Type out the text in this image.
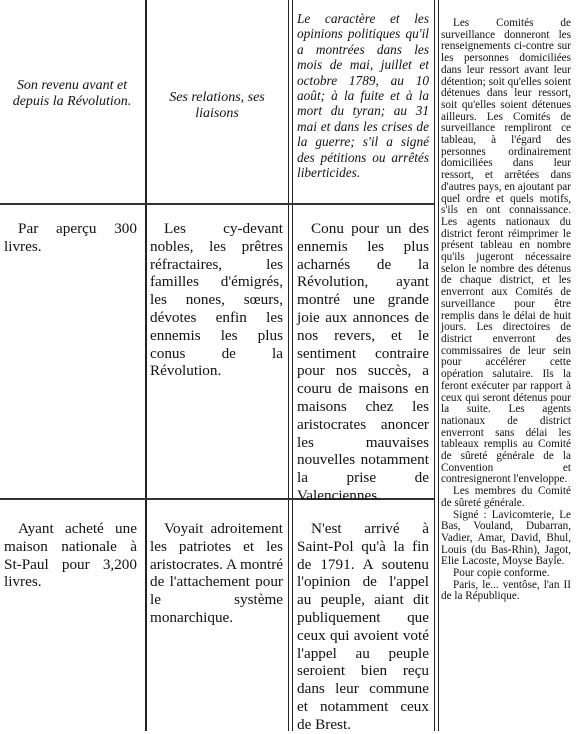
Son revenu avant et depuis la Révolution.	Ses relations, ses liaisons
Le caractère et les opinions politiques qu'il a montrées dans les mois de mai, juillet et octobre 1789, au 10 août; à la fuite et à la mort du tyran; au 31 mai et dans les crises de la guerre; s'il a signé des pétitions ou arrêtés liberticides.
Par aperçu 300 livres.
Les cy-devant nobles, les prêtres réfractaires, les familles d'émigrés, les nones, sœurs, dévotes enfin les ennemis les plus conus de la Révolution.
Conu pour un des ennemis les plus acharnés de la Révolution, ayant montré une grande joie aux annonces de nos revers, et le sentiment contraire pour nos succès, a couru de maisons en maisons chez les aristocrates anoncer les mauvaises nouvelles notamment la prise de Valenciennes.
Ayant acheté une maison nationale à St-Paul pour 3,200 livres.
Voyait adroitement les patriotes et les aristocrates. A montré de l'attachement pour le système monarchique.
N'est arrivé à Saint-Pol qu'à la fin de 1791. A soutenu l'opinion de l'appel au peuple, aiant dit publiquement que ceux qui avoient voté l'appel au peuple seroient bien reçu dans leur commune et notamment ceux de Brest.

Les Comités de surveillance donneront les renseignements ci-contre sur les personnes domiciliées dans leur ressort avant leur détention; soit qu'elles soient détenues dans leur ressort, soit qu'elles soient détenues ailleurs. Les Comités de surveillance rempliront ce tableau, à l'égard des personnes ordinairement domiciliées dans leur ressort, et arrêtées dans d'autres pays, en ajoutant par quel ordre et quels motifs, s'ils en ont connaissance. Les agents nationaux du district feront réimprimer le présent tableau en nombre qu'ils jugeront nécessaire selon le nombre des détenus de chaque district, et les enverront aux Comités de surveillance pour être remplis dans le délai de huit jours. Les directoires de district enverront des commissaires de leur sein pour accélérer cette opération salutaire. Ils la feront exécuter par rapport à ceux qui seront détenus pour la suite. Les agents nationaux de district enverront sans délai les tableaux remplis au Comité de sûreté générale de la Convention et contresigneront l'enveloppe.

Les membres du Comité de sûreté générale.

Signé : Lavicomterie, Le Bas, Vouland, Dubarran, Vadier, Amar, David, Bhul, Louis (du Bas-Rhin), Jagot, Elie Lacoste, Moyse Bayle.

Pour copie conforme.

Paris, le... ventôse, l'an II de la République.
